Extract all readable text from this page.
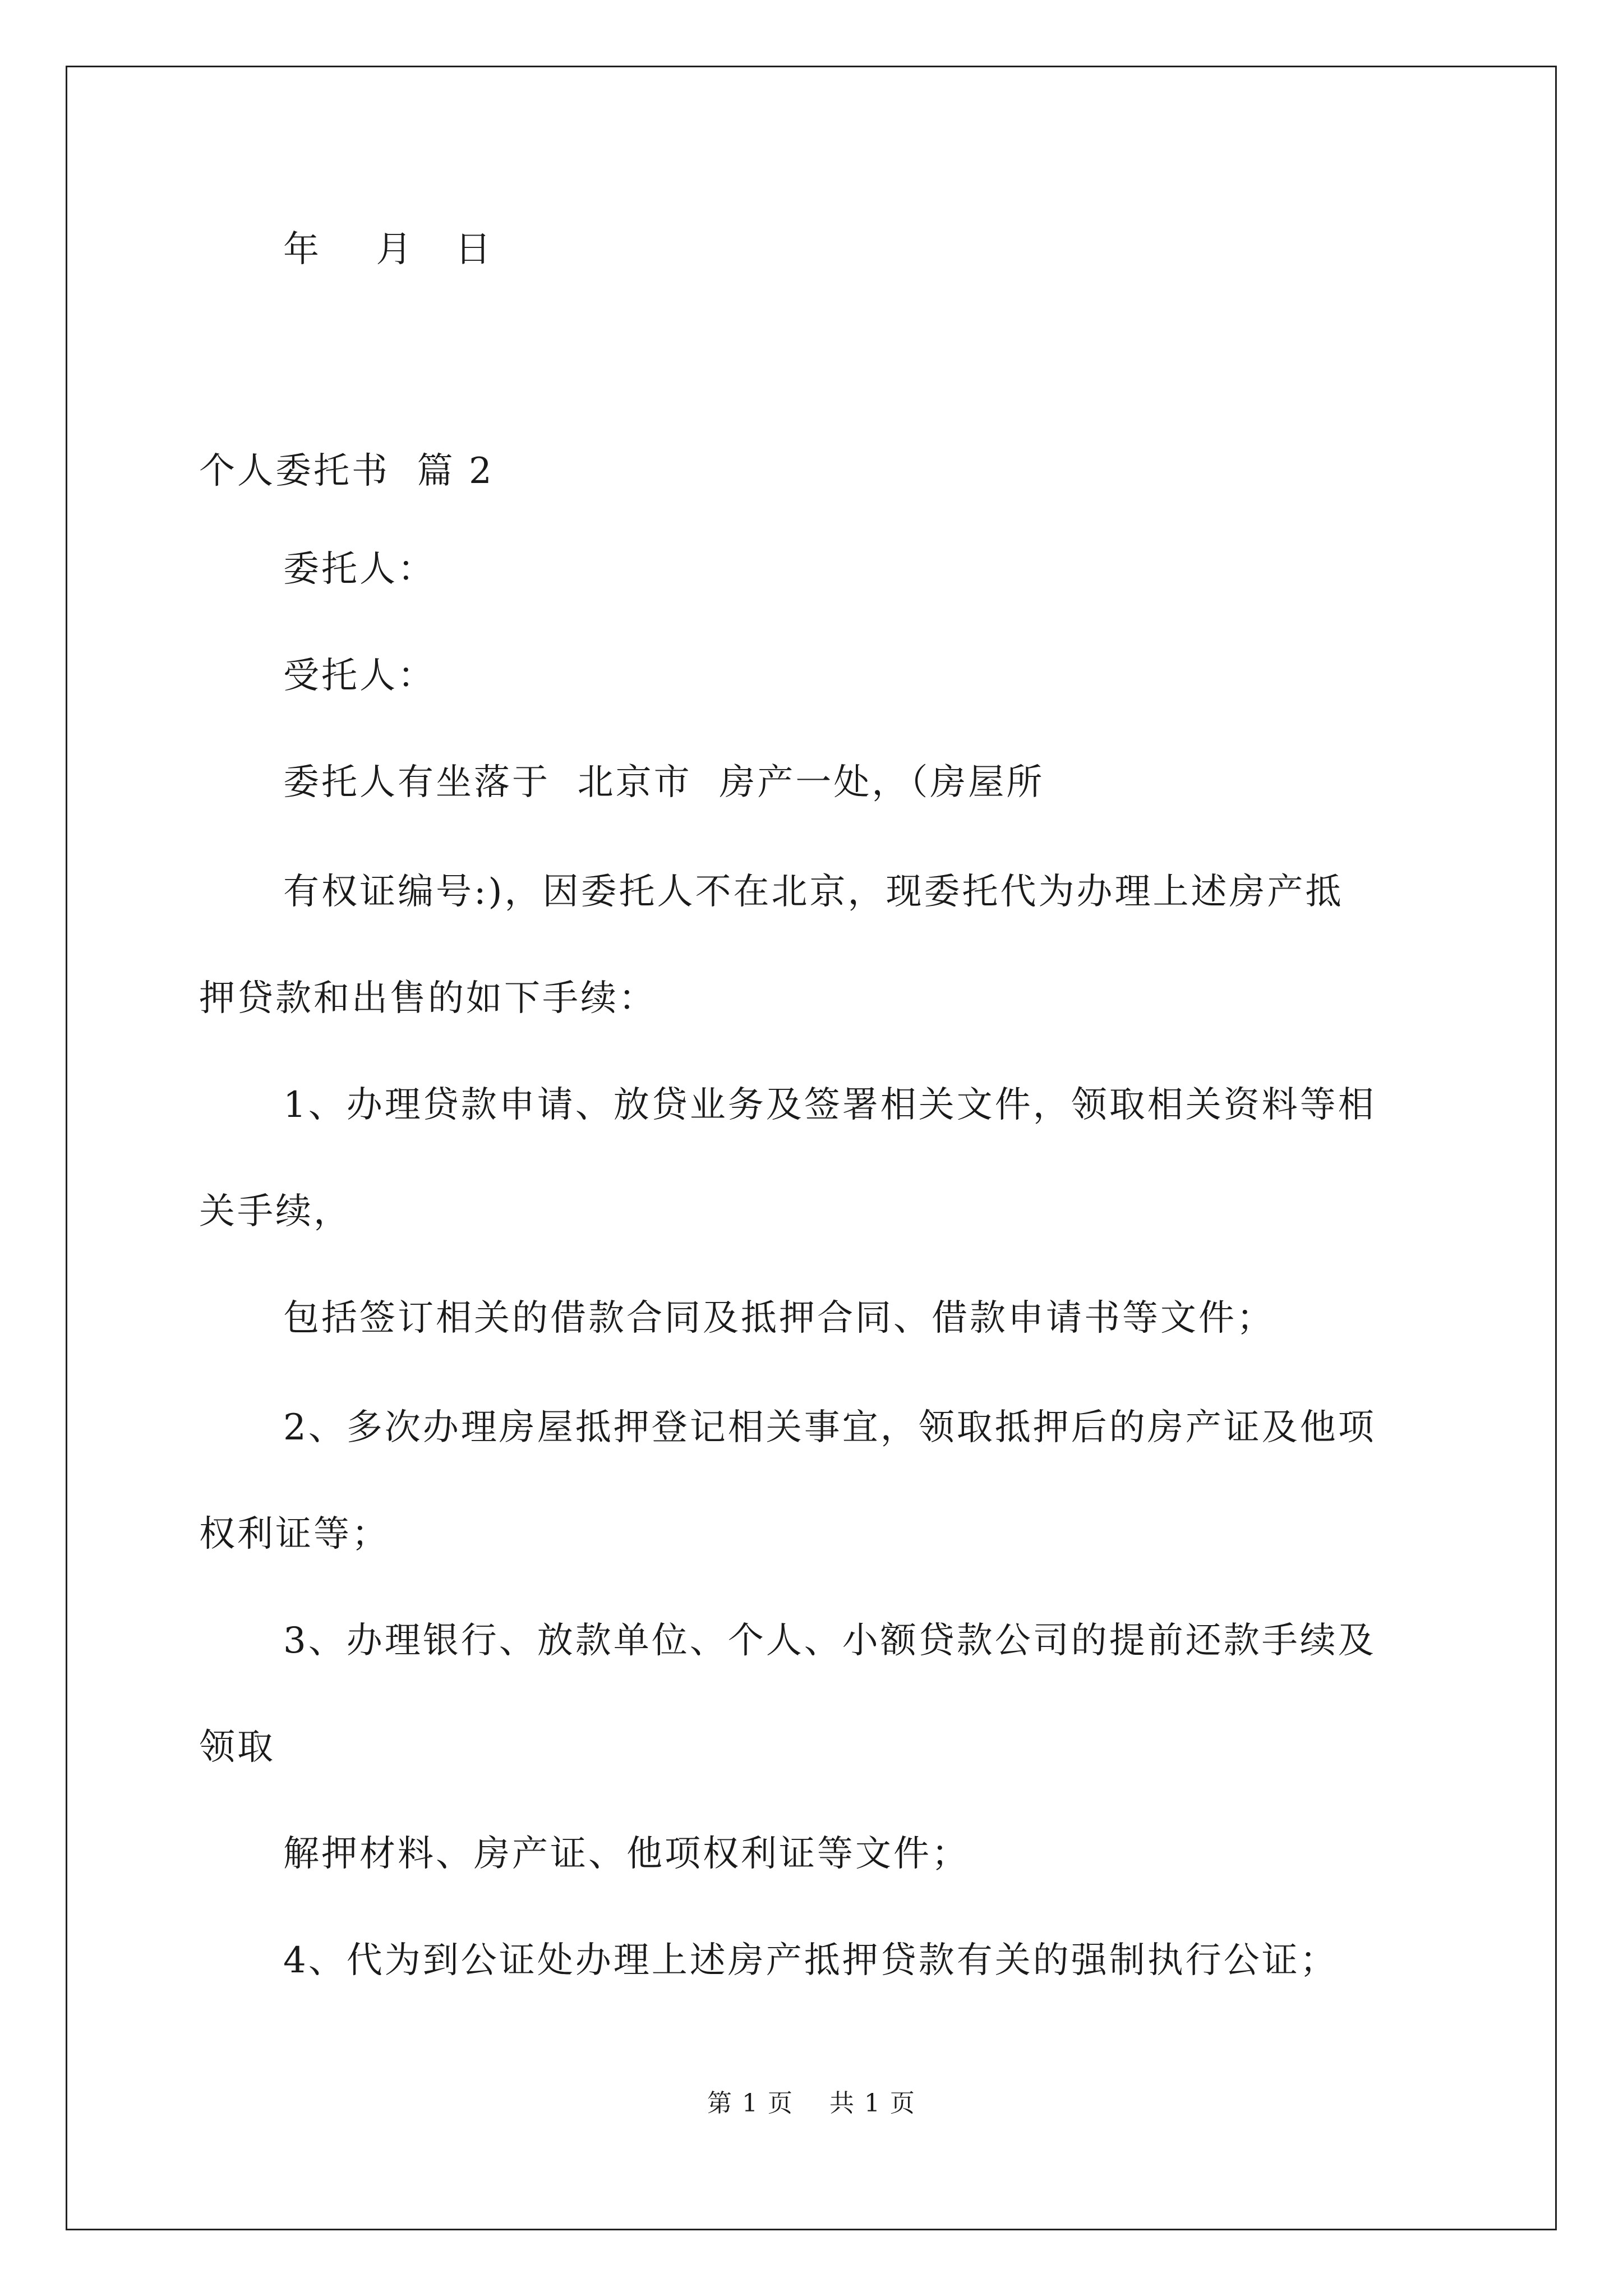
年    月   日
个人委托书  篇 2
委托人：
受托人：
委托人有坐落于  北京市  房产一处，（房屋所
有权证编号:)，因委托人不在北京，现委托代为办理上述房产抵
押贷款和出售的如下手续：
1、办理贷款申请、放贷业务及签署相关文件，领取相关资料等相
关手续，
包括签订相关的借款合同及抵押合同、借款申请书等文件；
2、多次办理房屋抵押登记相关事宜，领取抵押后的房产证及他项
权利证等；
3、办理银行、放款单位、个人、小额贷款公司的提前还款手续及
领取
解押材料、房产证、他项权利证等文件；
4、代为到公证处办理上述房产抵押贷款有关的强制执行公证；
第 1 页    共 1 页
